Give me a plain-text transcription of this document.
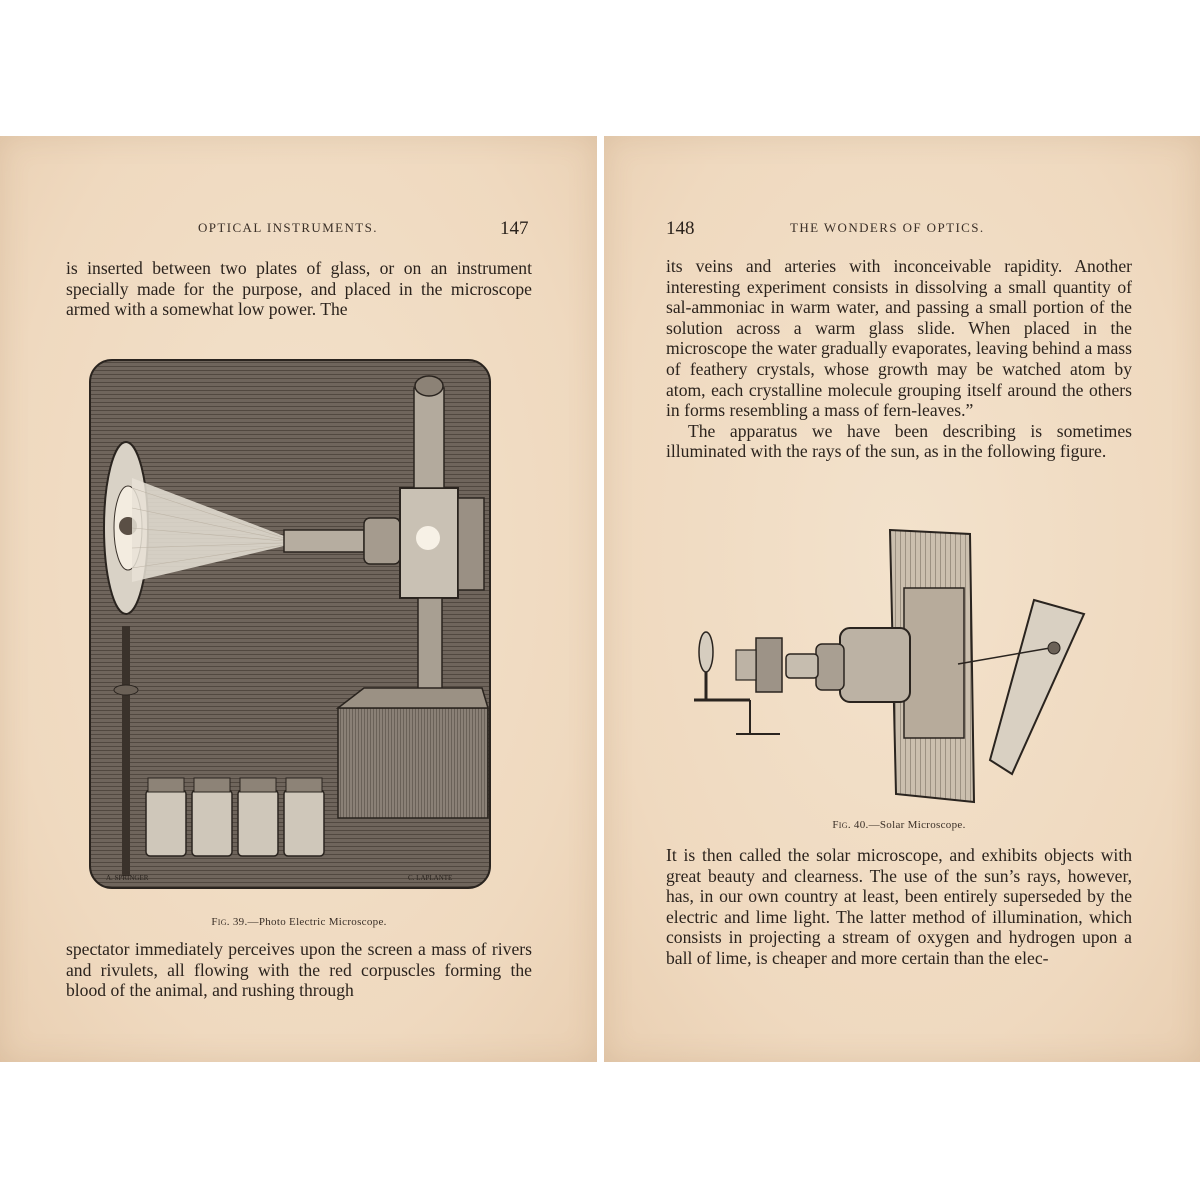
OPTICAL INSTRUMENTS.	147

is inserted between two plates of glass, or on an instrument specially made for the purpose, and placed in the microscope armed with a somewhat low power. The

A. SPRINGER	C. LAPLANTE
Fig. 39.—Photo Electric Microscope.

spectator immediately perceives upon the screen a mass of rivers and rivulets, all flowing with the red corpuscles forming the blood of the animal, and rushing through

148	THE WONDERS OF OPTICS.

its veins and arteries with inconceivable rapidity. Another interesting experiment consists in dissolving a small quantity of sal-ammoniac in warm water, and passing a small portion of the solution across a warm glass slide. When placed in the microscope the water gradually evaporates, leaving behind a mass of feathery crystals, whose growth may be watched atom by atom, each crystalline molecule grouping itself around the others in forms resembling a mass of fern-leaves.”

The apparatus we have been describing is sometimes illuminated with the rays of the sun, as in the following figure.

Fig. 40.—Solar Microscope.

It is then called the solar microscope, and exhibits objects with great beauty and clearness. The use of the sun’s rays, however, has, in our own country at least, been entirely superseded by the electric and lime light. The latter method of illumination, which consists in projecting a stream of oxygen and hydrogen upon a ball of lime, is cheaper and more certain than the elec-
